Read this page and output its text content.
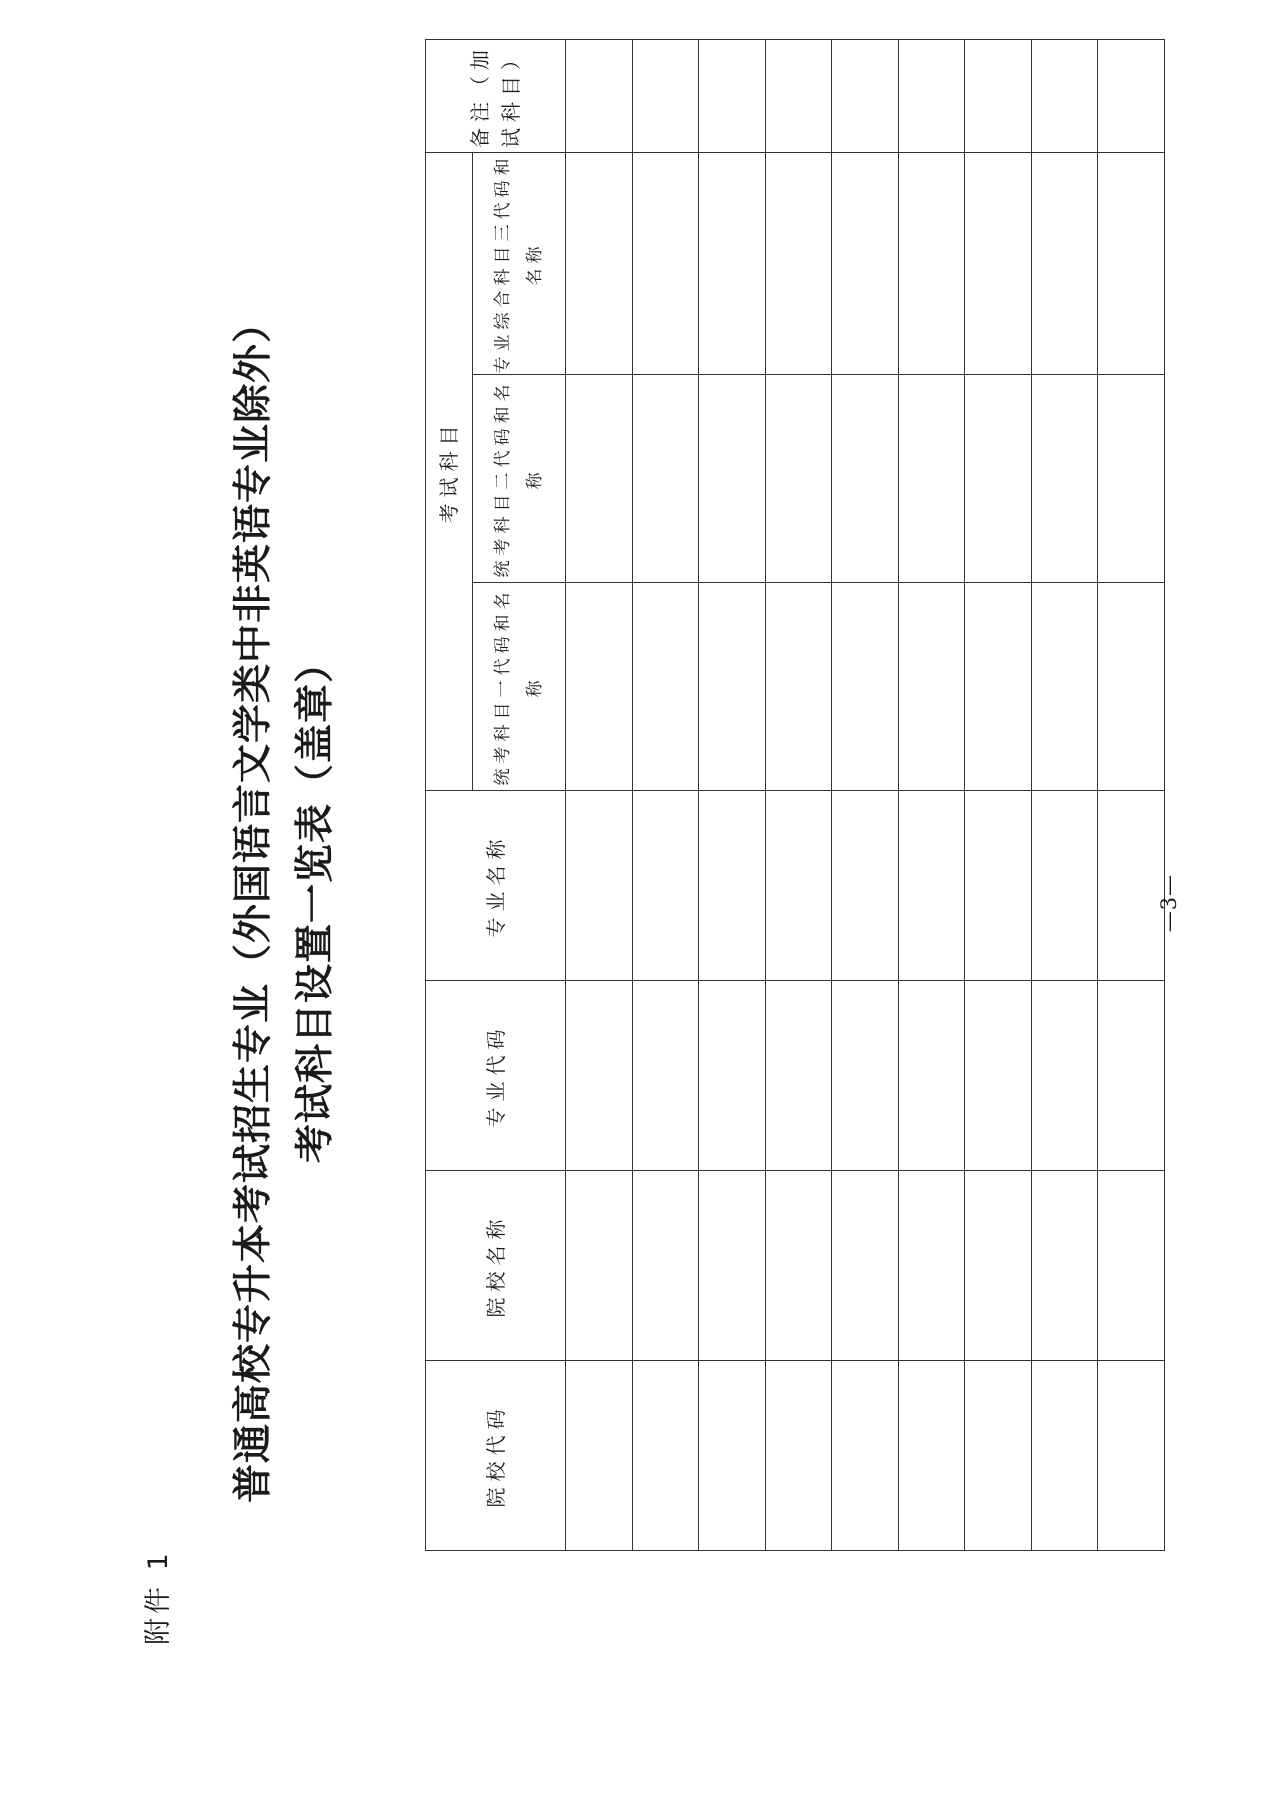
附件 1
普通高校专升本考试招生专业（外国语言文学类中非英语专业除外） 考试科目设置一览表（盖章）
院校代码	院校名称	专业代码	专业名称	考试科目			备注（加试科目）
				统考科目一代码和名称	统考科目二代码和名称	专业综合科目三代码和名称	

—3—
